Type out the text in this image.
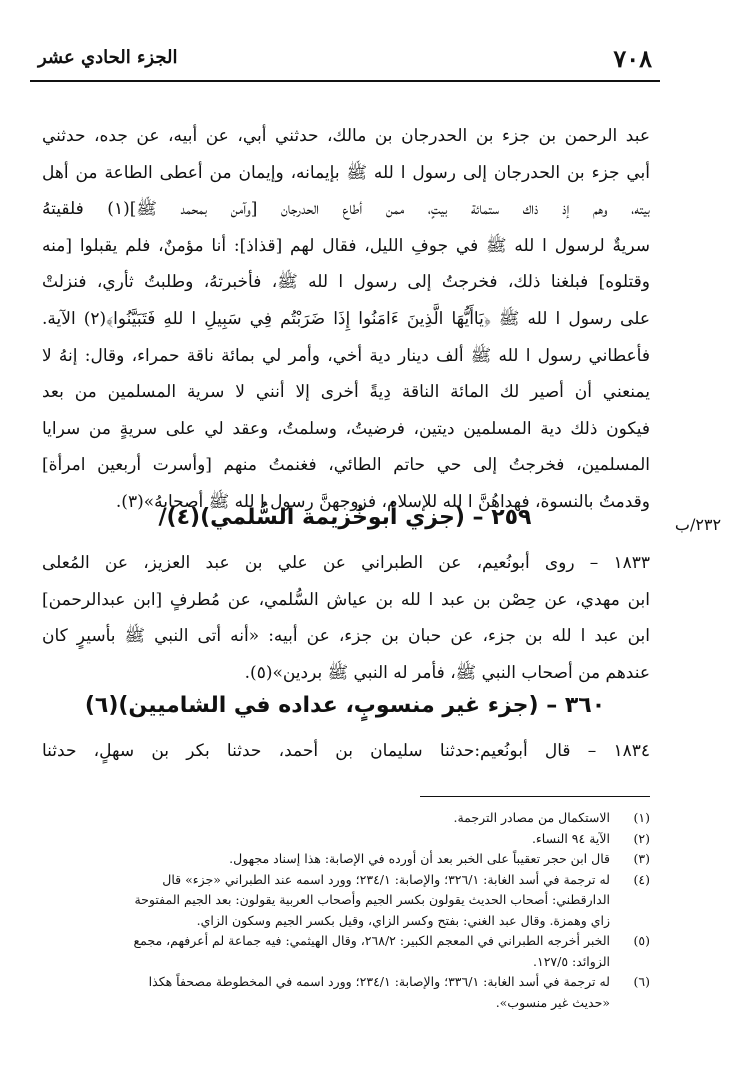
٧٠٨
الجزء الحادي عشر

عبد الرحمن بن جزء بن الحدرجان بن مالك، حدثني أبي، عن أبيه، عن جده، حدثني

أبي جزء بن الحدرجان إلى رسول ا لله ﷺ بإيمانه، وإيمان من أعطى الطاعة من أهل

بيته، وهم إذ ذاك ستمائة بيتٍ، ممن أطاع الحدرجان [وآمن بمحمد ﷺ](١) فلقيتهُ

سريةٌ لرسول ا لله ﷺ في جوفِ الليل، فقال لهم [قذاذ]: أنا مؤمنٌ، فلم يقبلوا [منه

وقتلوه] فبلغنا ذلك، فخرجتُ إلى رسول ا لله ﷺ، فأخبرتهُ، وطلبتُ ثأري، فنزلتْ

على رسول ا لله ﷺ ﴿يَاأَيُّهَا الَّذِينَ ءَامَنُوا إِذَا ضَرَبْتُم فِي سَبِيلِ ا للهِ فَتَبَيَّنُوا﴾(٢) الآية.

فأعطاني رسول ا لله ﷺ ألف دينار دية أخي، وأمر لي بمائة ناقة حمراء، وقال: إنهُ لا

يمنعني أن أصير لك المائة الناقة دِيةً أخرى إلا أنني لا سرية المسلمين من بعد

فيكون ذلك دية المسلمين ديتين، فرضيتُ، وسلمتُ، وعقد لي على سريةٍ من سرايا

المسلمين، فخرجتُ إلى حي حاتم الطائي، فغنمتُ منهم [وأسرت أربعين امرأة]

وقدمتُ بالنسوة، فهداهُنَّ ا لله للإسلام، فزوجهنَّ رسول ا لله ﷺ أصحابهُ»(٣).

٢٥٩ – (جزي أبوخُزيمة السُّلمي)(٤)/	٢٣٢/ب

١٨٣٣ – روى أبونُعيم، عن الطبراني عن علي بن عبد العزيز، عن المُعلى

ابن مهدي، عن حِصْن بن عبد ا لله بن عياش السُّلمي، عن مُطرفٍ [ابن عبدالرحمن]

ابن عبد ا لله بن جزء، عن حبان بن جزء، عن أبيه: «أنه أتى النبي ﷺ بأسيرٍ كان

عندهم من أصحاب النبي ﷺ، فأمر له النبي ﷺ بردين»(٥).

٣٦٠ – (جزء غير منسوبٍ، عداده في الشاميين)(٦)

١٨٣٤ – قال أبونُعيم:حدثنا سليمان بن أحمد، حدثنا بكر بن سهلٍ، حدثنا

(١)
الاستكمال من مصادر الترجمة.
(٢)
الآية ٩٤ النساء.
(٣)
قال ابن حجر تعقيباً على الخبر بعد أن أورده في الإصابة: هذا إسناد مجهول.
(٤)
له ترجمة في أسد الغابة: ٣٢٦/١؛ والإصابة: ٢٣٤/١؛ وورد اسمه عند الطبراني «جزء» قال
الدارقطني: أصحاب الحديث يقولون بكسر الجيم وأصحاب العربية يقولون: بعد الجيم المفتوحة
زاي وهمزة. وقال عبد الغني: بفتح وكسر الزاي، وقيل بكسر الجيم وسكون الزاي.
(٥)
الخبر أخرجه الطبراني في المعجم الكبير: ٢٦٨/٢، وقال الهيثمي: فيه جماعة لم أعرفهم، مجمع
الزوائد: ١٢٧/٥.
(٦)
له ترجمة في أسد الغابة: ٣٣٦/١؛ والإصابة: ٢٣٤/١؛ وورد اسمه في المخطوطة مصحفاً هكذا
«حديث غير منسوب».
